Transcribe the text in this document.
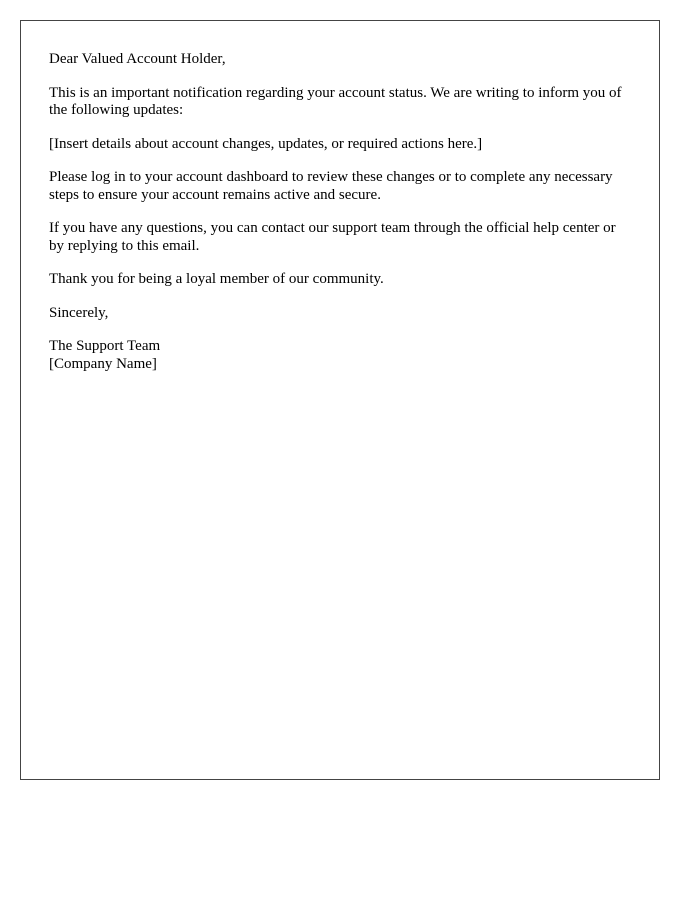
Dear Valued Account Holder,

This is an important notification regarding your account status. We are writing to inform you of the following updates:

[Insert details about account changes, updates, or required actions here.]

Please log in to your account dashboard to review these changes or to complete any necessary steps to ensure your account remains active and secure.

If you have any questions, you can contact our support team through the official help center or by replying to this email.

Thank you for being a loyal member of our community.

Sincerely,

The Support Team
[Company Name]
